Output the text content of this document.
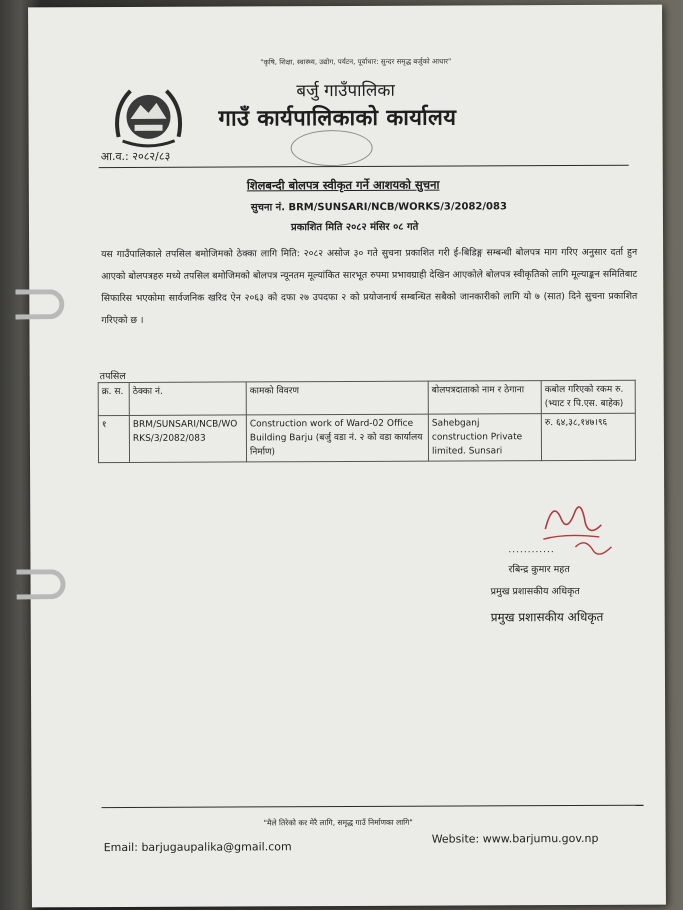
"कृषि, शिक्षा, स्वास्थ्य, उद्योग, पर्यटन, पूर्वाधार: सुन्दर समृद्ध बर्जुको आधार"
बर्जु गाउँपालिका
गाउँ कार्यपालिकाको कार्यालय
आ.व.: २०८२/८३
शिलबन्दी बोलपत्र स्वीकृत गर्ने आशयको सुचना
सुचना नं. BRM/SUNSARI/NCB/WORKS/3/2082/083
प्रकाशित मिति २०८२ मंसिर ०८ गते
यस गाउँपालिकाले तपसिल बमोजिमको ठेक्का लागि मिति: २०८२ असोज ३० गते सुचना प्रकाशित गरी ई-बिडिङ्ग सम्बन्धी बोलपत्र माग गरिए अनुसार दर्ता हुन आएको बोलपत्रहरु मध्ये तपसिल बमोजिमको बोलपत्र न्यूनतम मूल्यांकित सारभूत रुपमा प्रभावग्राही देखिन आएकोले बोलपत्र स्वीकृतिको लागि मूल्याङ्कन समितिबाट सिफारिस भएकोमा सार्वजनिक खरिद ऐन २०६३ को दफा २७ उपदफा २ को प्रयोजनार्थ सम्बन्धित सबैको जानकारीको लागि यो ७ (सात) दिने सुचना प्रकाशित गरिएको छ ।
तपसिल
क्र. स.	ठेक्का नं.	कामको विवरण	बोलपत्रदाताको नाम र ठेगाना	कबोल गरिएको रकम रु. (भ्याट र पि.एस. बाहेक)
१	BRM/SUNSARI/NCB/WORKS/3/2082/083	Construction work of Ward-02 Office Building Barju (बर्जु वडा नं. २ को वडा कार्यालय निर्माण)	Sahebganj construction Private limited. Sunsari	रु. ६४,३८,१४७।९६
............
रबिन्द्र कुमार महत
प्रमुख प्रशासकीय अधिकृत
प्रमुख प्रशासकीय अधिकृत
"मैले तिरेको कर मेरै लागि, समृद्ध गाउँ निर्माणका लागि"
Email: barjugaupalika@gmail.com
Website: www.barjumu.gov.np
